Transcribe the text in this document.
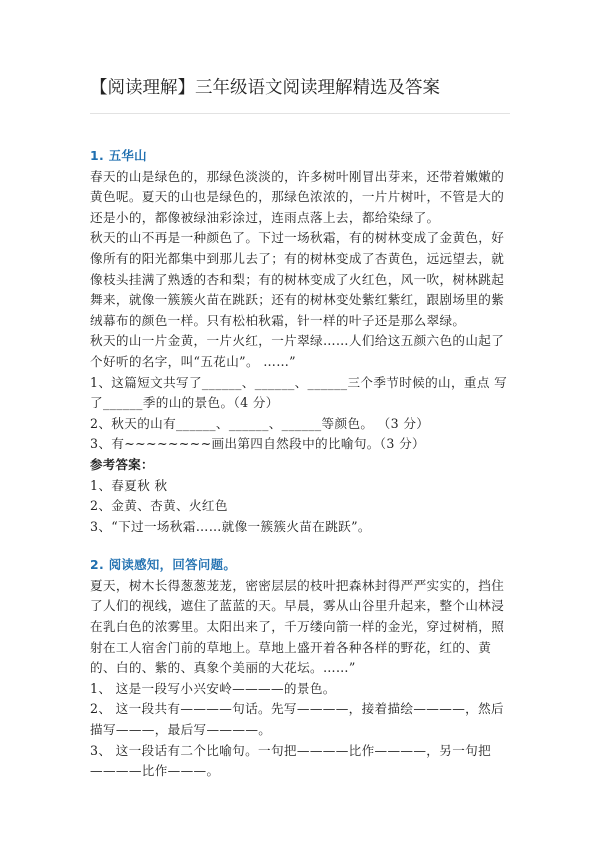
【阅读理解】三年级语文阅读理解精选及答案

1. 五华山

春天的山是绿色的，那绿色淡淡的，许多树叶刚冒出芽来，还带着嫩嫩的黄色呢。夏天的山也是绿色的，那绿色浓浓的，一片片树叶，不管是大的还是小的，都像被绿油彩涂过，连雨点落上去，都给染绿了。

秋天的山不再是一种颜色了。下过一场秋霜，有的树林变成了金黄色，好像所有的阳光都集中到那儿去了；有的树林变成了杏黄色，远远望去，就像枝头挂满了熟透的杏和梨；有的树林变成了火红色，风一吹，树林跳起舞来，就像一簇簇火苗在跳跃；还有的树林变处紫红紫红，跟剧场里的紫绒幕布的颜色一样。只有松柏秋霜，针一样的叶子还是那么翠绿。

秋天的山一片金黄，一片火红，一片翠绿……人们给这五颜六色的山起了个好听的名字，叫“五花山”。 ……”

1、这篇短文共写了______、______、______三个季节时候的山，重点 写了______季的山的景色。（4 分）

2、秋天的山有______、______、______等颜色。 （3 分）

3、有~~~~~~~~画出第四自然段中的比喻句。（3 分）

参考答案：

1、春夏秋 秋

2、金黄、杏黄、火红色

3、“下过一场秋霜……就像一簇簇火苗在跳跃”。

2. 阅读感知，回答问题。

夏天，树木长得葱葱茏茏，密密层层的枝叶把森林封得严严实实的，挡住了人们的视线，遮住了蓝蓝的天。早晨，雾从山谷里升起来，整个山林浸在乳白色的浓雾里。太阳出来了，千万缕向箭一样的金光，穿过树梢，照射在工人宿舍门前的草地上。草地上盛开着各种各样的野花，红的、黄的、白的、紫的、真象个美丽的大花坛。……”

1、 这是一段写小兴安岭————的景色。

2、 这一段共有————句话。先写————，接着描绘————，然后描写———，最后写————。

3、 这一段话有二个比喻句。一句把————比作————，另一句把————比作———。
